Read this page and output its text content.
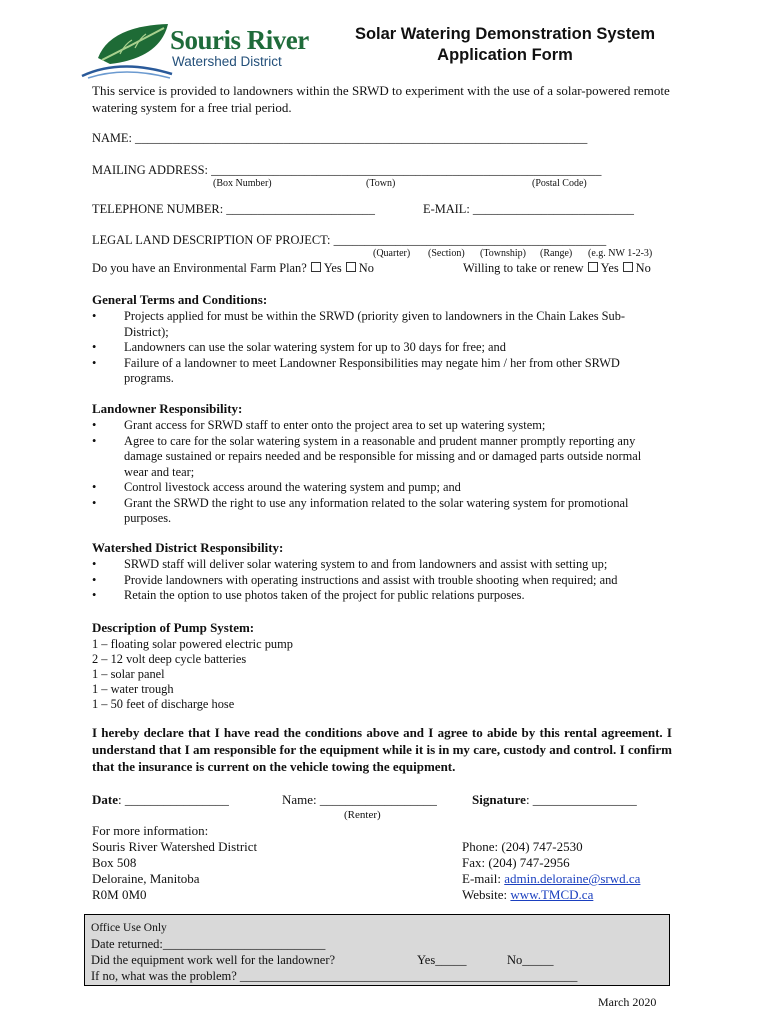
Souris River
Watershed District
Solar Watering Demonstration System
Application Form
This service is provided to landowners within the SRWD to experiment with the use of a solar-powered remote watering system for a free trial period.
NAME: _________________________________________________________________________
MAILING ADDRESS: _______________________________________________________________
(Box Number)	(Town)	(Postal Code)
TELEPHONE NUMBER: ________________________	E-MAIL: __________________________
LEGAL LAND DESCRIPTION OF PROJECT: ____________________________________________
(Quarter) (Section) (Township) (Range) (e.g. NW 1-2-3)
Do you have an Environmental Farm Plan? Yes No	Willing to take or renew Yes No
General Terms and Conditions:
• Projects applied for must be within the SRWD (priority given to landowners in the Chain Lakes Sub-District);
• Landowners can use the solar watering system for up to 30 days for free; and
• Failure of a landowner to meet Landowner Responsibilities may negate him / her from other SRWD programs.
Landowner Responsibility:
• Grant access for SRWD staff to enter onto the project area to set up watering system;
• Agree to care for the solar watering system in a reasonable and prudent manner promptly reporting any damage sustained or repairs needed and be responsible for missing and or damaged parts outside normal wear and tear;
• Control livestock access around the watering system and pump; and
• Grant the SRWD the right to use any information related to the solar watering system for promotional purposes.
Watershed District Responsibility:
• SRWD staff will deliver solar watering system to and from landowners and assist with setting up;
• Provide landowners with operating instructions and assist with trouble shooting when required; and
• Retain the option to use photos taken of the project for public relations purposes.
Description of Pump System:
1 – floating solar powered electric pump
2 – 12 volt deep cycle batteries
1 – solar panel
1 – water trough
1 – 50 feet of discharge hose
I hereby declare that I have read the conditions above and I agree to abide by this rental agreement. I understand that I am responsible for the equipment while it is in my care, custody and control. I confirm that the insurance is current on the vehicle towing the equipment.
Date: ________________	Name: __________________
(Renter)
Signature: ________________
For more information:
Souris River Watershed District
Box 508
Deloraine, Manitoba
R0M 0M0
Phone: (204) 747-2530
Fax: (204) 747-2956
E-mail: admin.deloraine@srwd.ca
Website: www.TMCD.ca
Office Use Only
Date returned:__________________________
Did the equipment work well for the landowner?	Yes_____	No_____
If no, what was the problem? ______________________________________________________
March 2020
